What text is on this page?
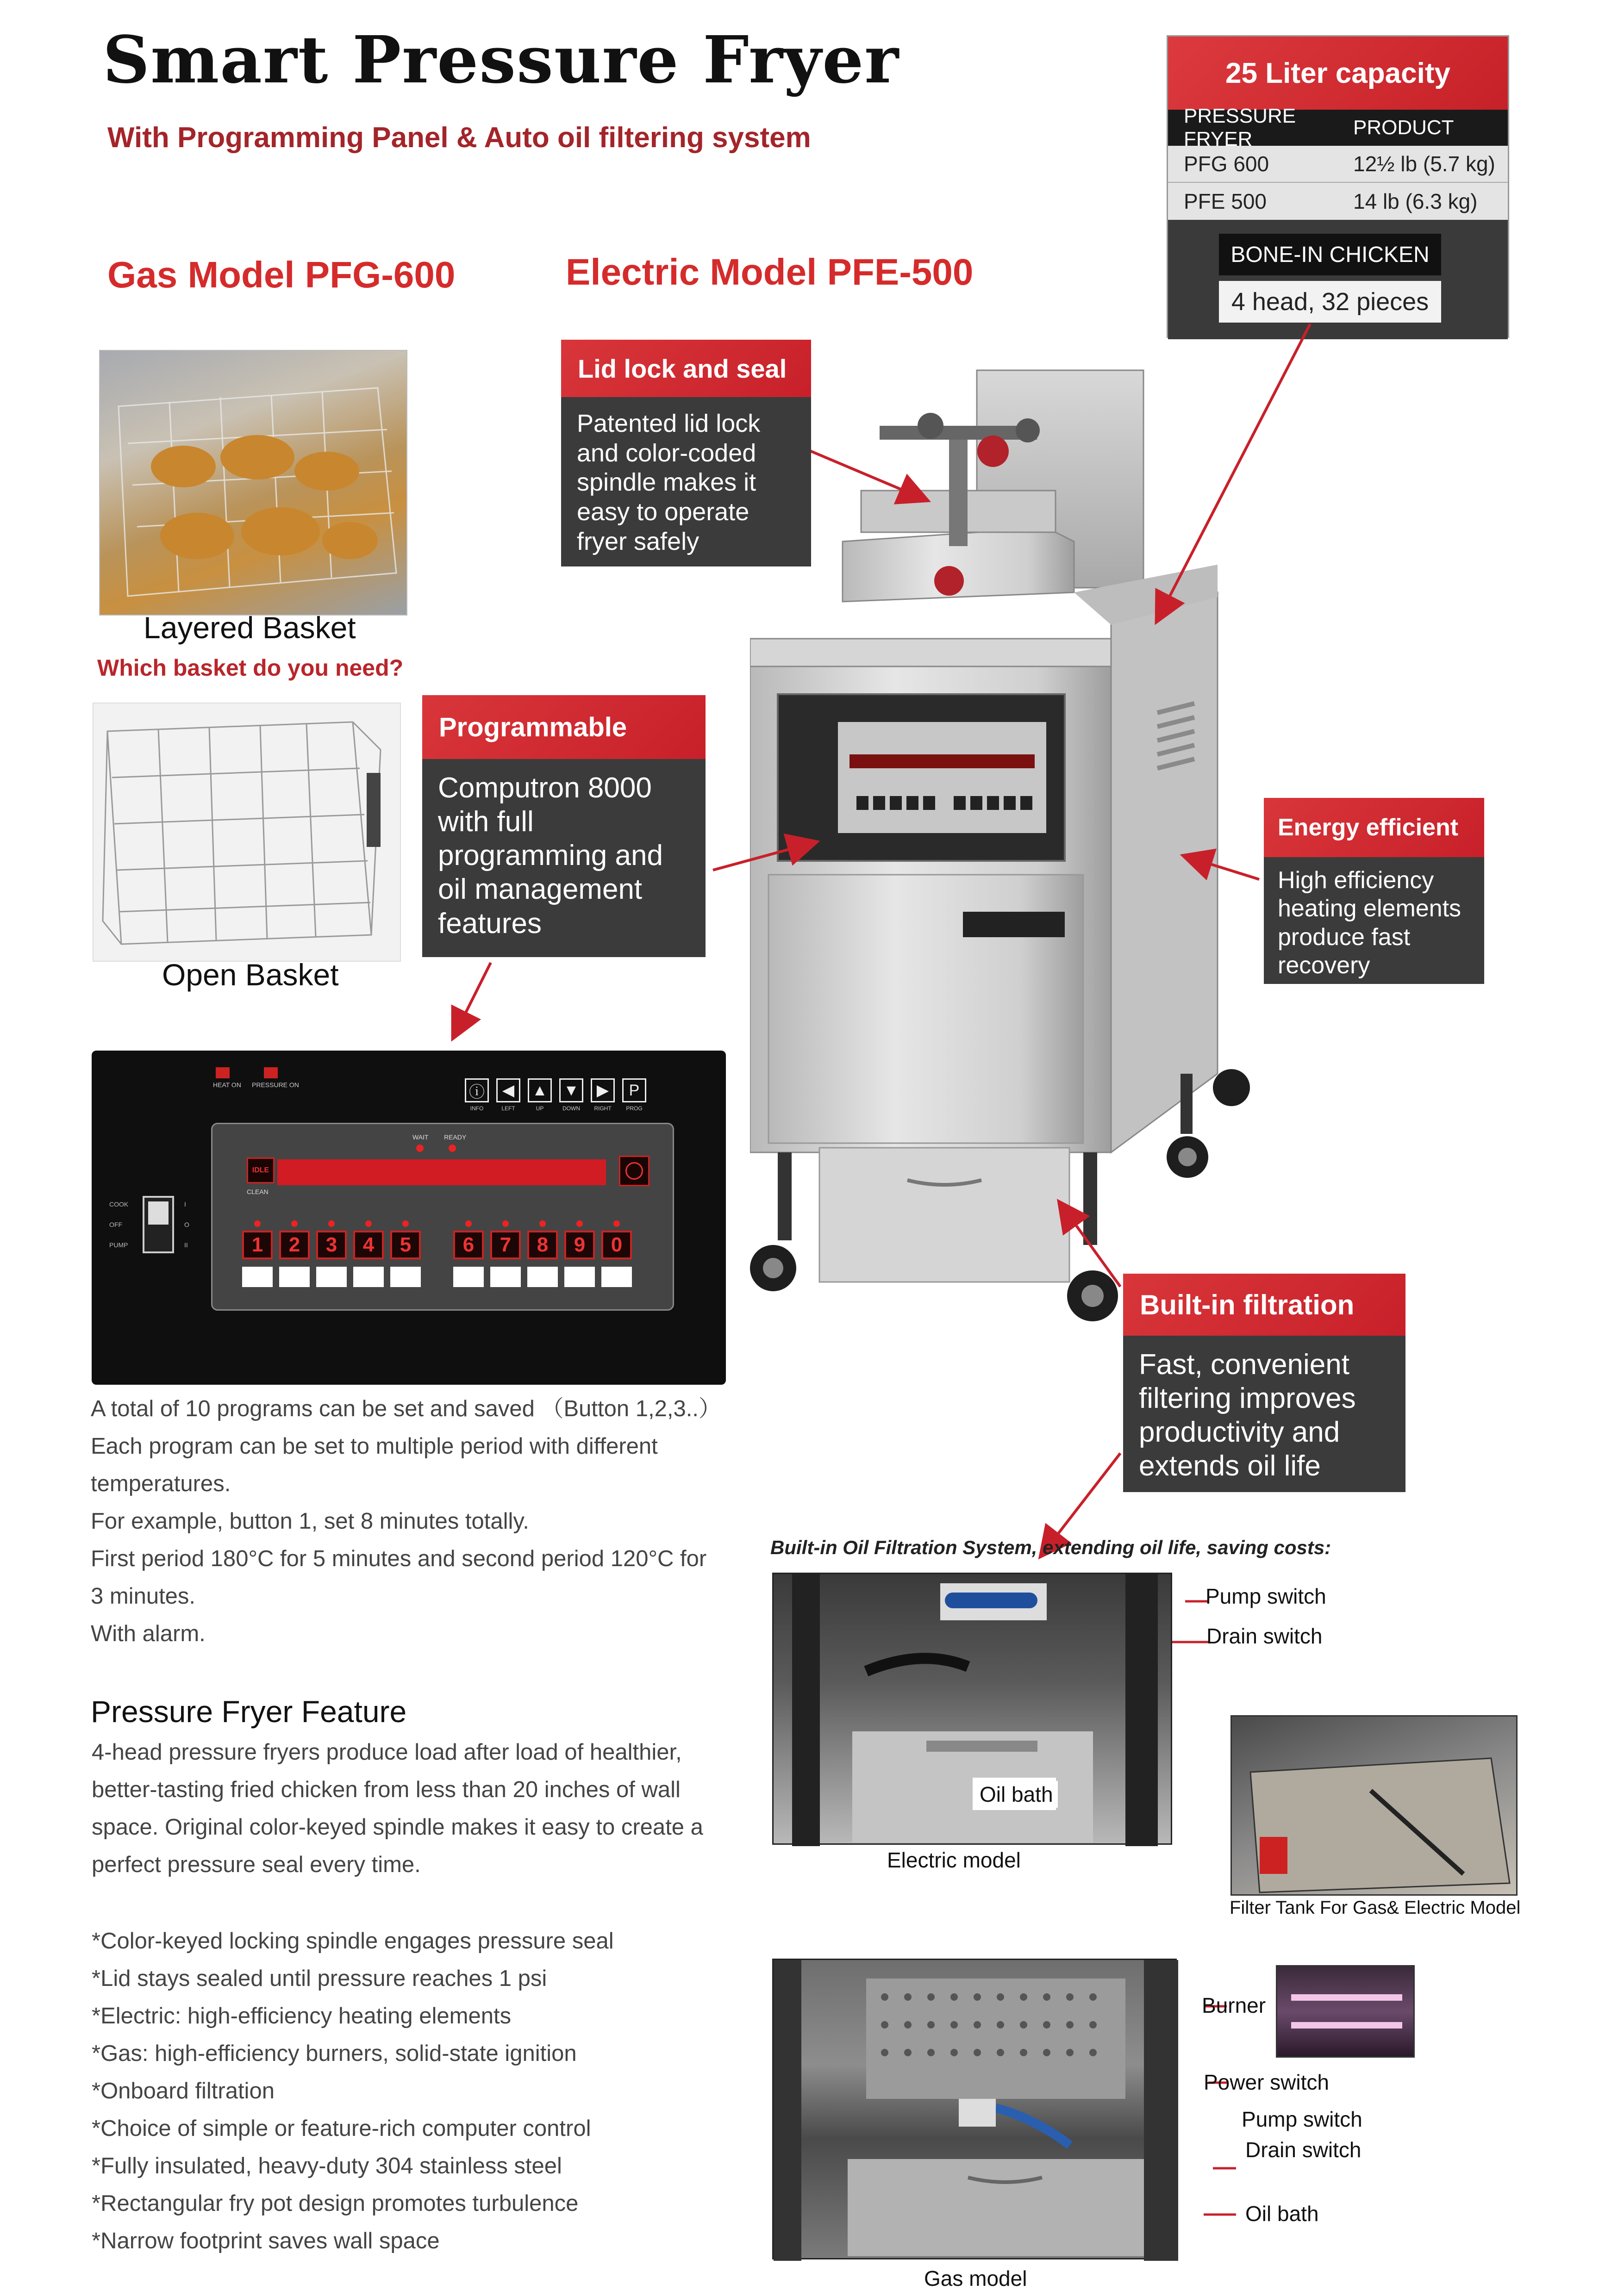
Smart Pressure Fryer
With Programming Panel & Auto oil filtering system
Gas Model PFG-600	Electric Model PFE-500
25 Liter capacity
PRESSURE FRYER
PRODUCT
PFG 600	12½ lb (5.7 kg)
PFE 500	14 lb (6.3 kg)
BONE-IN CHICKEN
4 head, 32 pieces
Layered Basket
Which basket do you need?
Open Basket
Lid lock and seal
Patented lid lock
and color-coded
spindle makes it
easy to operate
fryer safely
Programmable
Computron 8000
with full
programming and
oil management
features
Energy efficient
High efficiency
heating elements
produce fast
recovery
Built-in filtration
Fast, convenient
filtering improves
productivity and
extends oil life
HEAT ON PRESSURE ON	ⓘ
INFO
◀
LEFT
▲
UP
▼
DOWN
▶
RIGHT
P
PROG
COOK
OFF
PUMP
I
O
II
WAIT READY
IDLE
CLEAN
1	2	3	4	5	6	7	8	9	0
A total of 10 programs can be set and saved （Button 1,2,3..）
Each program can be set to multiple period with different
temperatures.
For example, button 1, set 8 minutes totally.
First period 180°C for 5 minutes and second period 120°C for
3 minutes.
With alarm.
Pressure Fryer Feature
4-head pressure fryers produce load after load of healthier,
better-tasting fried chicken from less than 20 inches of wall
space. Original color-keyed spindle makes it easy to create a
perfect pressure seal every time.
*Color-keyed locking spindle engages pressure seal
*Lid stays sealed until pressure reaches 1 psi
*Electric: high-efficiency heating elements
*Gas: high-efficiency burners, solid-state ignition
*Onboard filtration
*Choice of simple or feature-rich computer control
*Fully insulated, heavy-duty 304 stainless steel
*Rectangular fry pot design promotes turbulence
*Narrow footprint saves wall space
Built-in Oil Filtration System, extending oil life, saving costs:
Oil bath
Pump switch
Drain switch
Electric model
Filter Tank For Gas& Electric Model
Burner
Power switch
Pump switch
Drain switch
Oil bath
Gas model
